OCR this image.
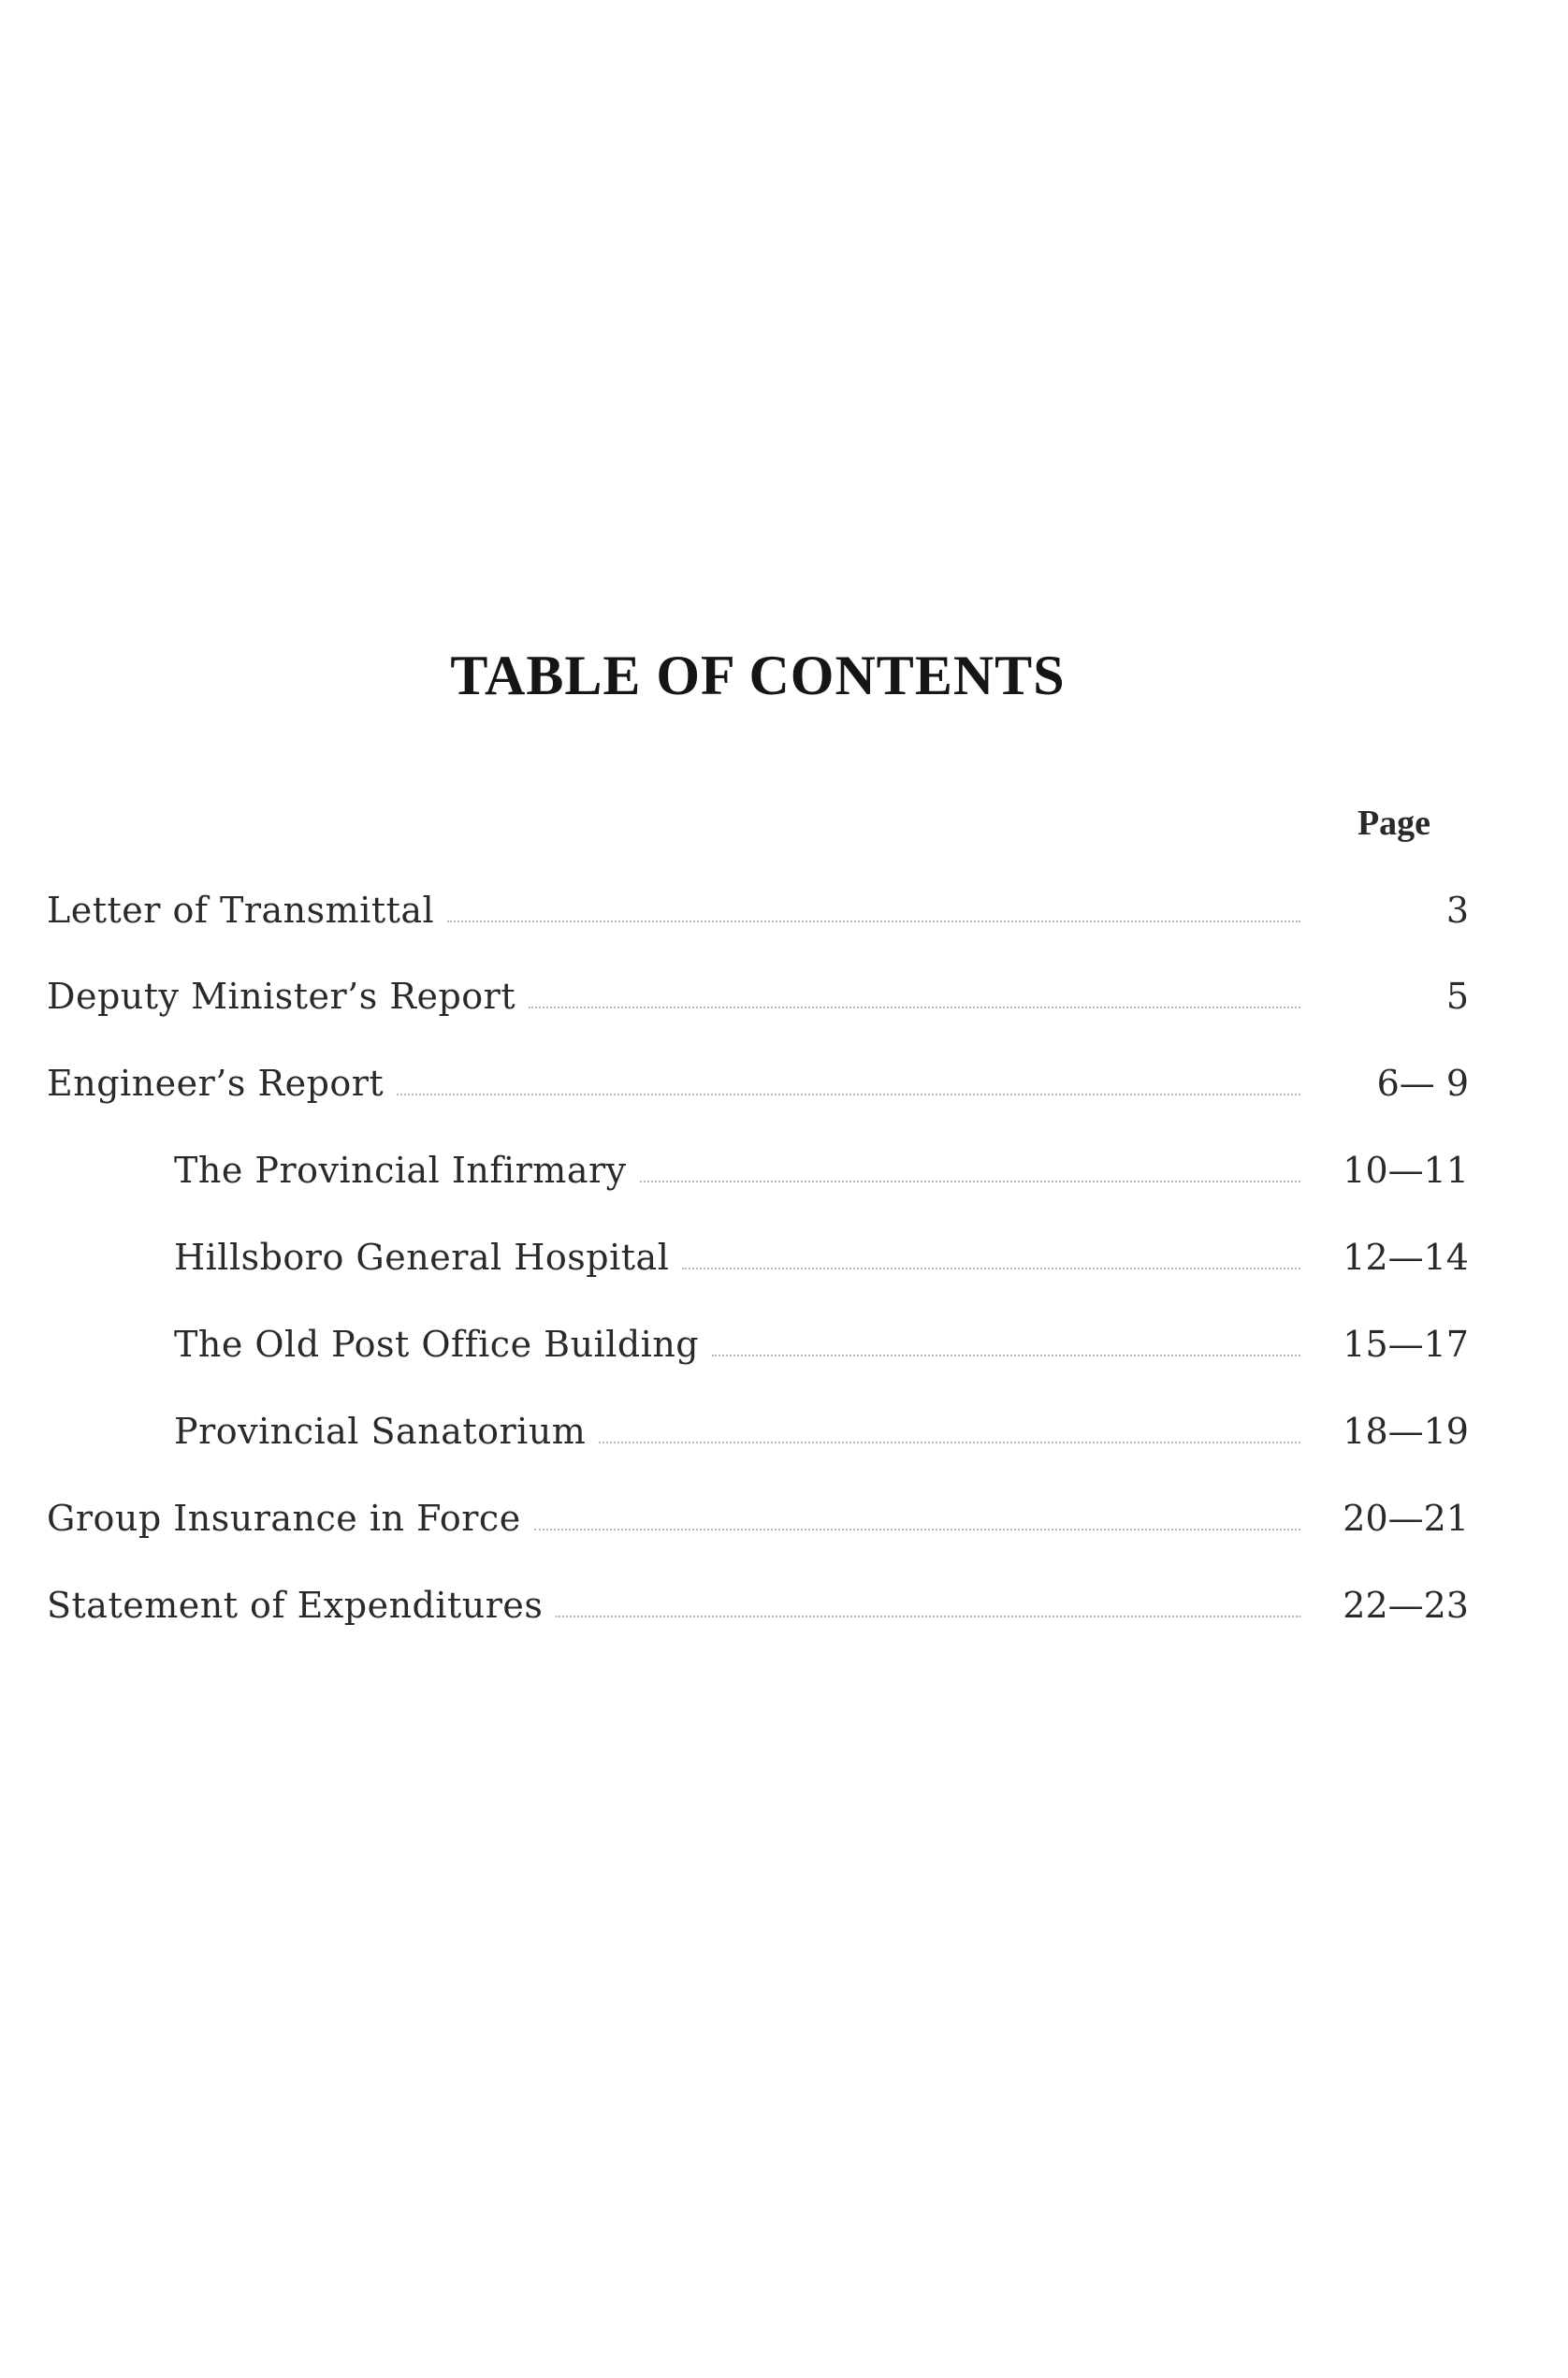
TABLE OF CONTENTS
Page
Letter of Transmittal	3
Deputy Minister’s Report	5
Engineer’s Report	6— 9
The Provincial Infirmary	10—11
Hillsboro General Hospital	12—14
The Old Post Office Building	15—17
Provincial Sanatorium	18—19
Group Insurance in Force	20—21
Statement of Expenditures	22—23
